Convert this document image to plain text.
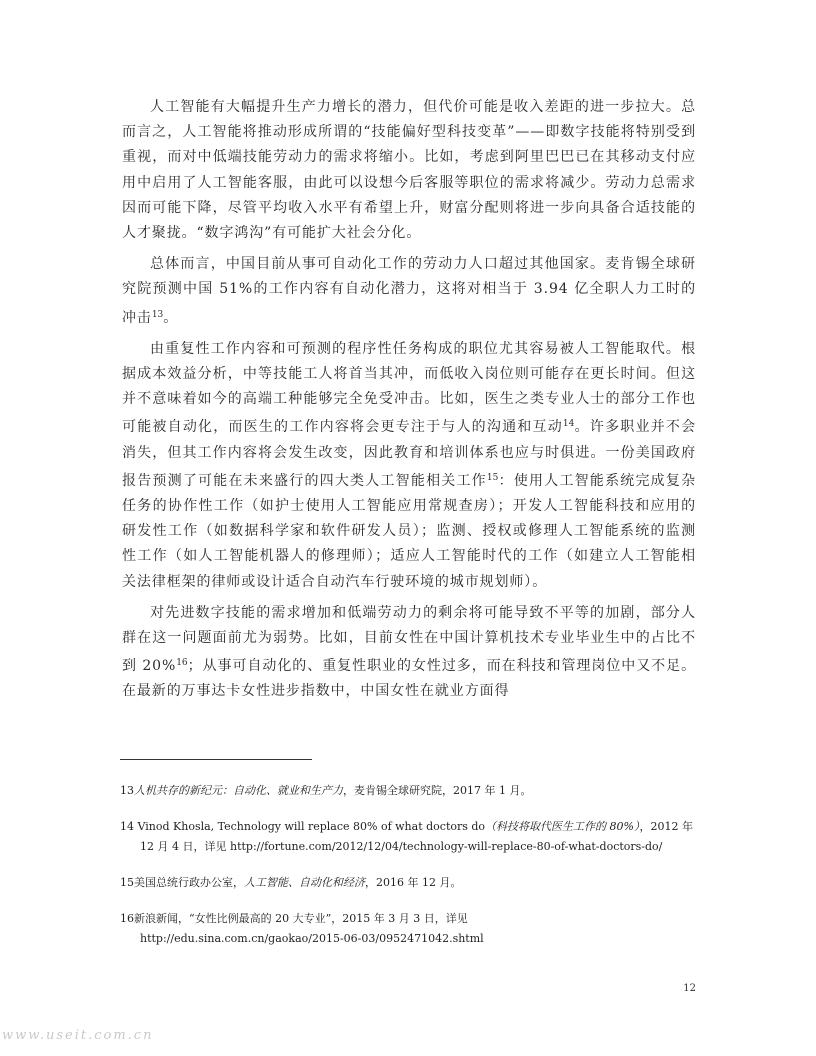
人工智能有大幅提升生产力增长的潜力，但代价可能是收入差距的进一步拉大。总而言之，人工智能将推动形成所谓的“技能偏好型科技变革”——即数字技能将特别受到重视，而对中低端技能劳动力的需求将缩小。比如，考虑到阿里巴巴已在其移动支付应用中启用了人工智能客服，由此可以设想今后客服等职位的需求将减少。劳动力总需求因而可能下降，尽管平均收入水平有希望上升，财富分配则将进一步向具备合适技能的人才聚拢。“数字鸿沟”有可能扩大社会分化。

总体而言，中国目前从事可自动化工作的劳动力人口超过其他国家。麦肯锡全球研究院预测中国 51%的工作内容有自动化潜力，这将对相当于 3.94 亿全职人力工时的冲击$^{13}$。

由重复性工作内容和可预测的程序性任务构成的职位尤其容易被人工智能取代。根据成本效益分析，中等技能工人将首当其冲，而低收入岗位则可能存在更长时间。但这并不意味着如今的高端工种能够完全免受冲击。比如，医生之类专业人士的部分工作也可能被自动化，而医生的工作内容将会更专注于与人的沟通和互动$^{14}$。许多职业并不会消失，但其工作内容将会发生改变，因此教育和培训体系也应与时俱进。一份美国政府报告预测了可能在未来盛行的四大类人工智能相关工作$^{15}$：使用人工智能系统完成复杂任务的协作性工作（如护士使用人工智能应用常规查房）；开发人工智能科技和应用的研发性工作（如数据科学家和软件研发人员）；监测、授权或修理人工智能系统的监测性工作（如人工智能机器人的修理师）；适应人工智能时代的工作（如建立人工智能相关法律框架的律师或设计适合自动汽车行驶环境的城市规划师）。

对先进数字技能的需求增加和低端劳动力的剩余将可能导致不平等的加剧，部分人群在这一问题面前尤为弱势。比如，目前女性在中国计算机技术专业毕业生中的占比不到 20%$^{16}$；从事可自动化的、重复性职业的女性过多，而在科技和管理岗位中又不足。在最新的万事达卡女性进步指数中，中国女性在就业方面得

13人机共存的新纪元：自动化、就业和生产力，麦肯锡全球研究院，2017 年 1 月。
14 Vinod Khosla, Technology will replace 80% of what doctors do（科技将取代医生工作的 80%），2012 年
12 月 4 日，详见 http://fortune.com/2012/12/04/technology-will-replace-80-of-what-doctors-do/
15美国总统行政办公室，人工智能、自动化和经济，2016 年 12 月。
16新浪新闻，“女性比例最高的 20 大专业”，2015 年 3 月 3 日，详见
http://edu.sina.com.cn/gaokao/2015-06-03/0952471042.shtml
12
www.useit.com.cn
